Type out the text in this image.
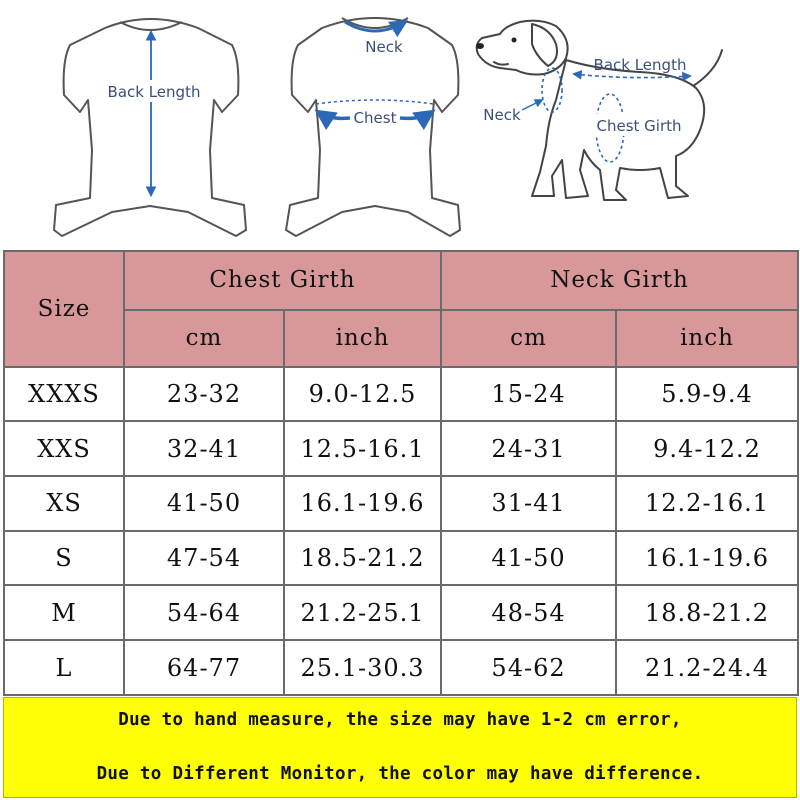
Back Length
Neck
Chest
Back Length
Neck
Chest Girth
Size	Chest Girth		Neck Girth	
	cm	inch	cm	inch
XXXS	23-32	9.0-12.5	15-24	5.9-9.4
XXS	32-41	12.5-16.1	24-31	9.4-12.2
XS	41-50	16.1-19.6	31-41	12.2-16.1
S	47-54	18.5-21.2	41-50	16.1-19.6
M	54-64	21.2-25.1	48-54	18.8-21.2
L	64-77	25.1-30.3	54-62	21.2-24.4
Due to hand measure, the size may have 1-2 cm error,
Due to Different Monitor, the color may have difference.
